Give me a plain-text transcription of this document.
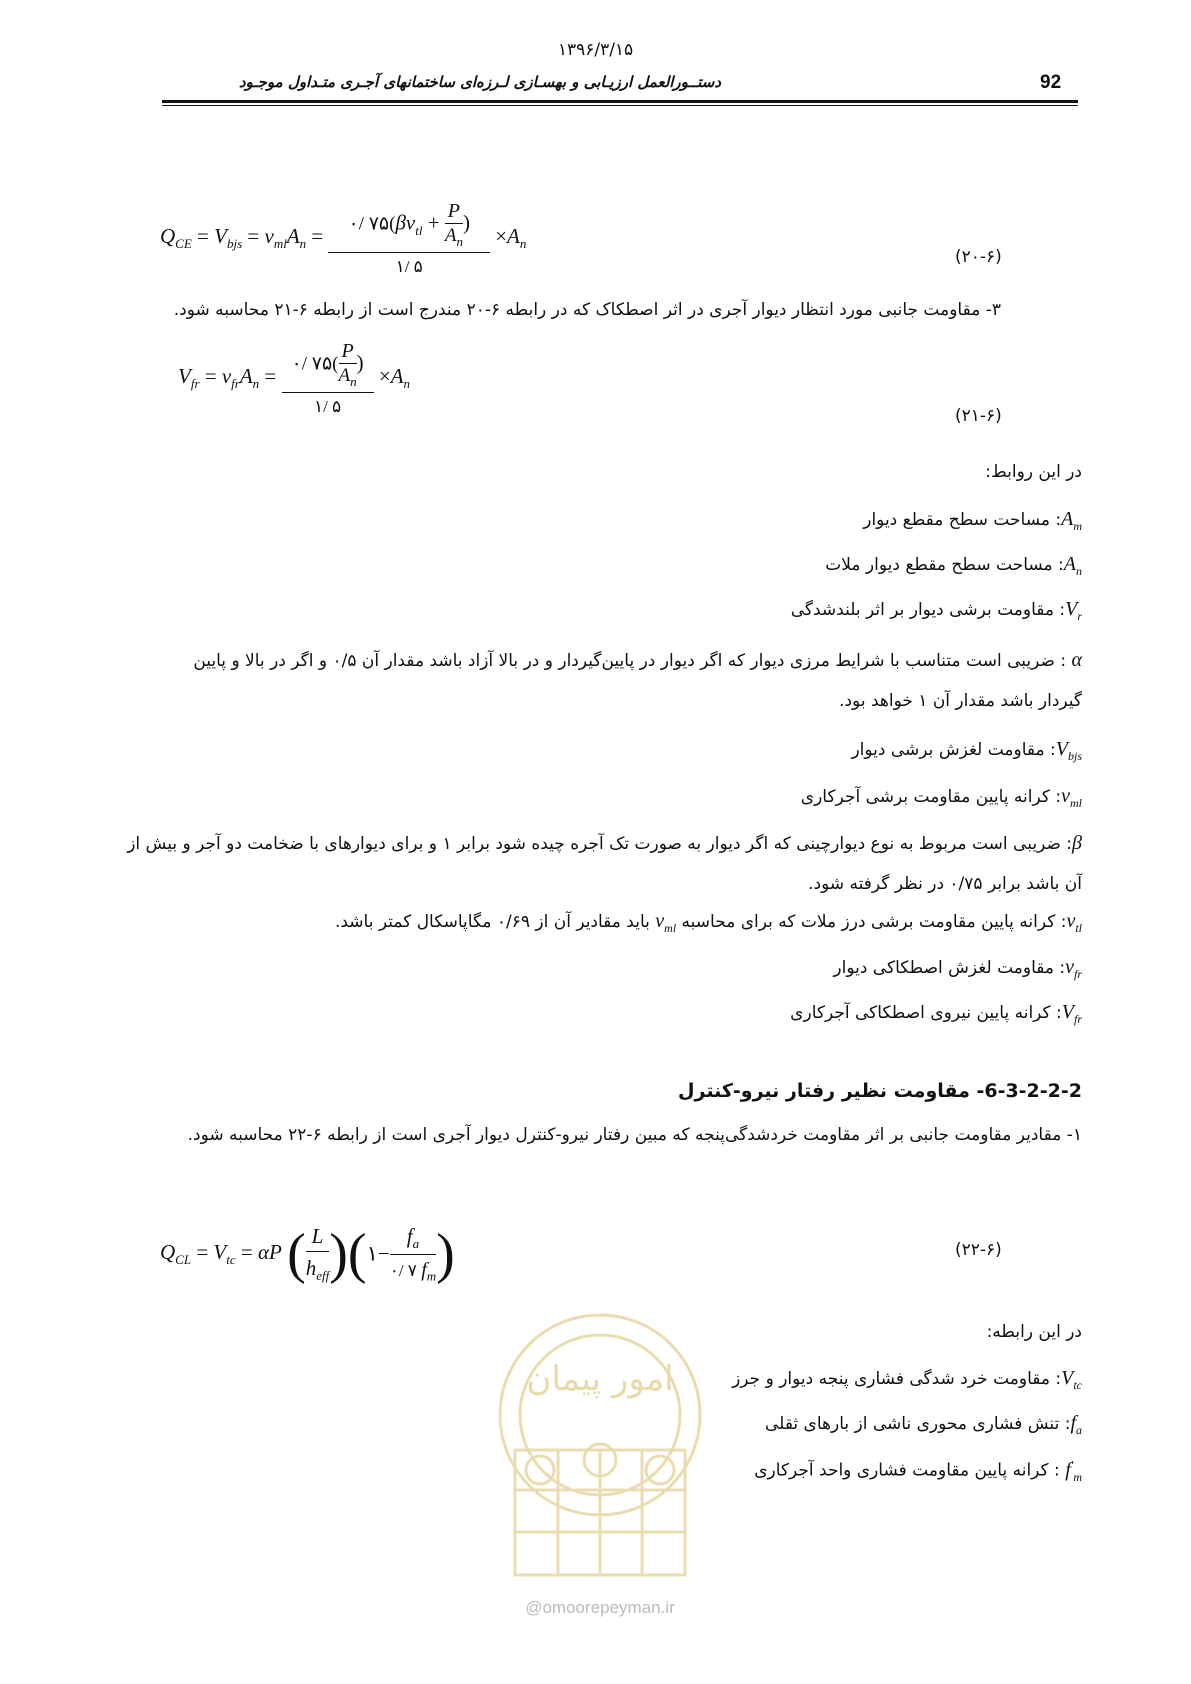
۱۳۹۶/۳/۱۵
دستــورالعمل ارزیـابی و بهسـازی لـرزه‌ای ساختمانهای آجـری متـداول موجـود	92
$Q_{CE} = V_{bjs} = v_{ml}A_n = \frac{۰/ ۷۵(\beta v_{tl} + \frac{P}{A_n} )}{۱/ ۵} \times A_n$
(۲۰-۶)
۳- مقاومت جانبی مورد انتظار دیوار آجری در اثر اصطکاک که در رابطه ۶-۲۰ مندرج است از رابطه ۶-۲۱ محاسبه شود.
$V_{fr} = v_{fr}A_n = \frac{۰/ ۷۵( \frac{P}{A_n} )}{۱/ ۵} \times A_n$
(۲۱-۶)
در این روابط:
$A_m$: مساحت سطح مقطع دیوار
$A_n$: مساحت سطح مقطع دیوار ملات
$V_r$: مقاومت برشی دیوار بر اثر بلندشدگی
α : ضریبی است متناسب با شرایط مرزی دیوار که اگر دیوار در پایین‌گیردار و در بالا آزاد باشد مقدار آن ۰/۵ و اگر در بالا و پایین گیردار باشد مقدار آن ۱ خواهد بود.
$V_{bjs}$: مقاومت لغزش برشی دیوار
$v_{ml}$: کرانه پایین مقاومت برشی آجرکاری
β: ضریبی است مربوط به نوع دیوارچینی که اگر دیوار به صورت تک آجره چیده شود برابر ۱ و برای دیوارهای با ضخامت دو آجر و بیش از آن باشد برابر ۰/۷۵ در نظر گرفته شود.
$v_{tl}$: کرانه پایین مقاومت برشی درز ملات که برای محاسبه $v_{ml}$ باید مقادیر آن از ۰/۶۹ مگاپاسکال کمتر باشد.
$v_{fr}$: مقاومت لغزش اصطکاکی دیوار
$V_{fr}$: کرانه پایین نیروی اصطکاکی آجرکاری
6-3-2-2-2- مقاومت نظیر رفتار نیرو-کنترل
۱- مقادیر مقاومت جانبی بر اثر مقاومت خردشدگی‌پنجه که مبین رفتار نیرو-کنترل دیوار آجری است از رابطه ۶-۲۲ محاسبه شود.
$Q_{CL} = V_{tc} = \alpha P$ ( $\frac{L}{h_{eff}}$ )(۱− $\frac{f_a}{۰/ ۷ f_m}$ )	(۲۲-۶)
در این رابطه:
$V_{tc}$: مقاومت خرد شدگی فشاری پنجه دیوار و جرز
$f_a$: تنش فشاری محوری ناشی از بارهای ثقلی
$f'_m$ : کرانه پایین مقاومت فشاری واحد آجرکاری
امور پیمان
@omoorepeyman.ir
